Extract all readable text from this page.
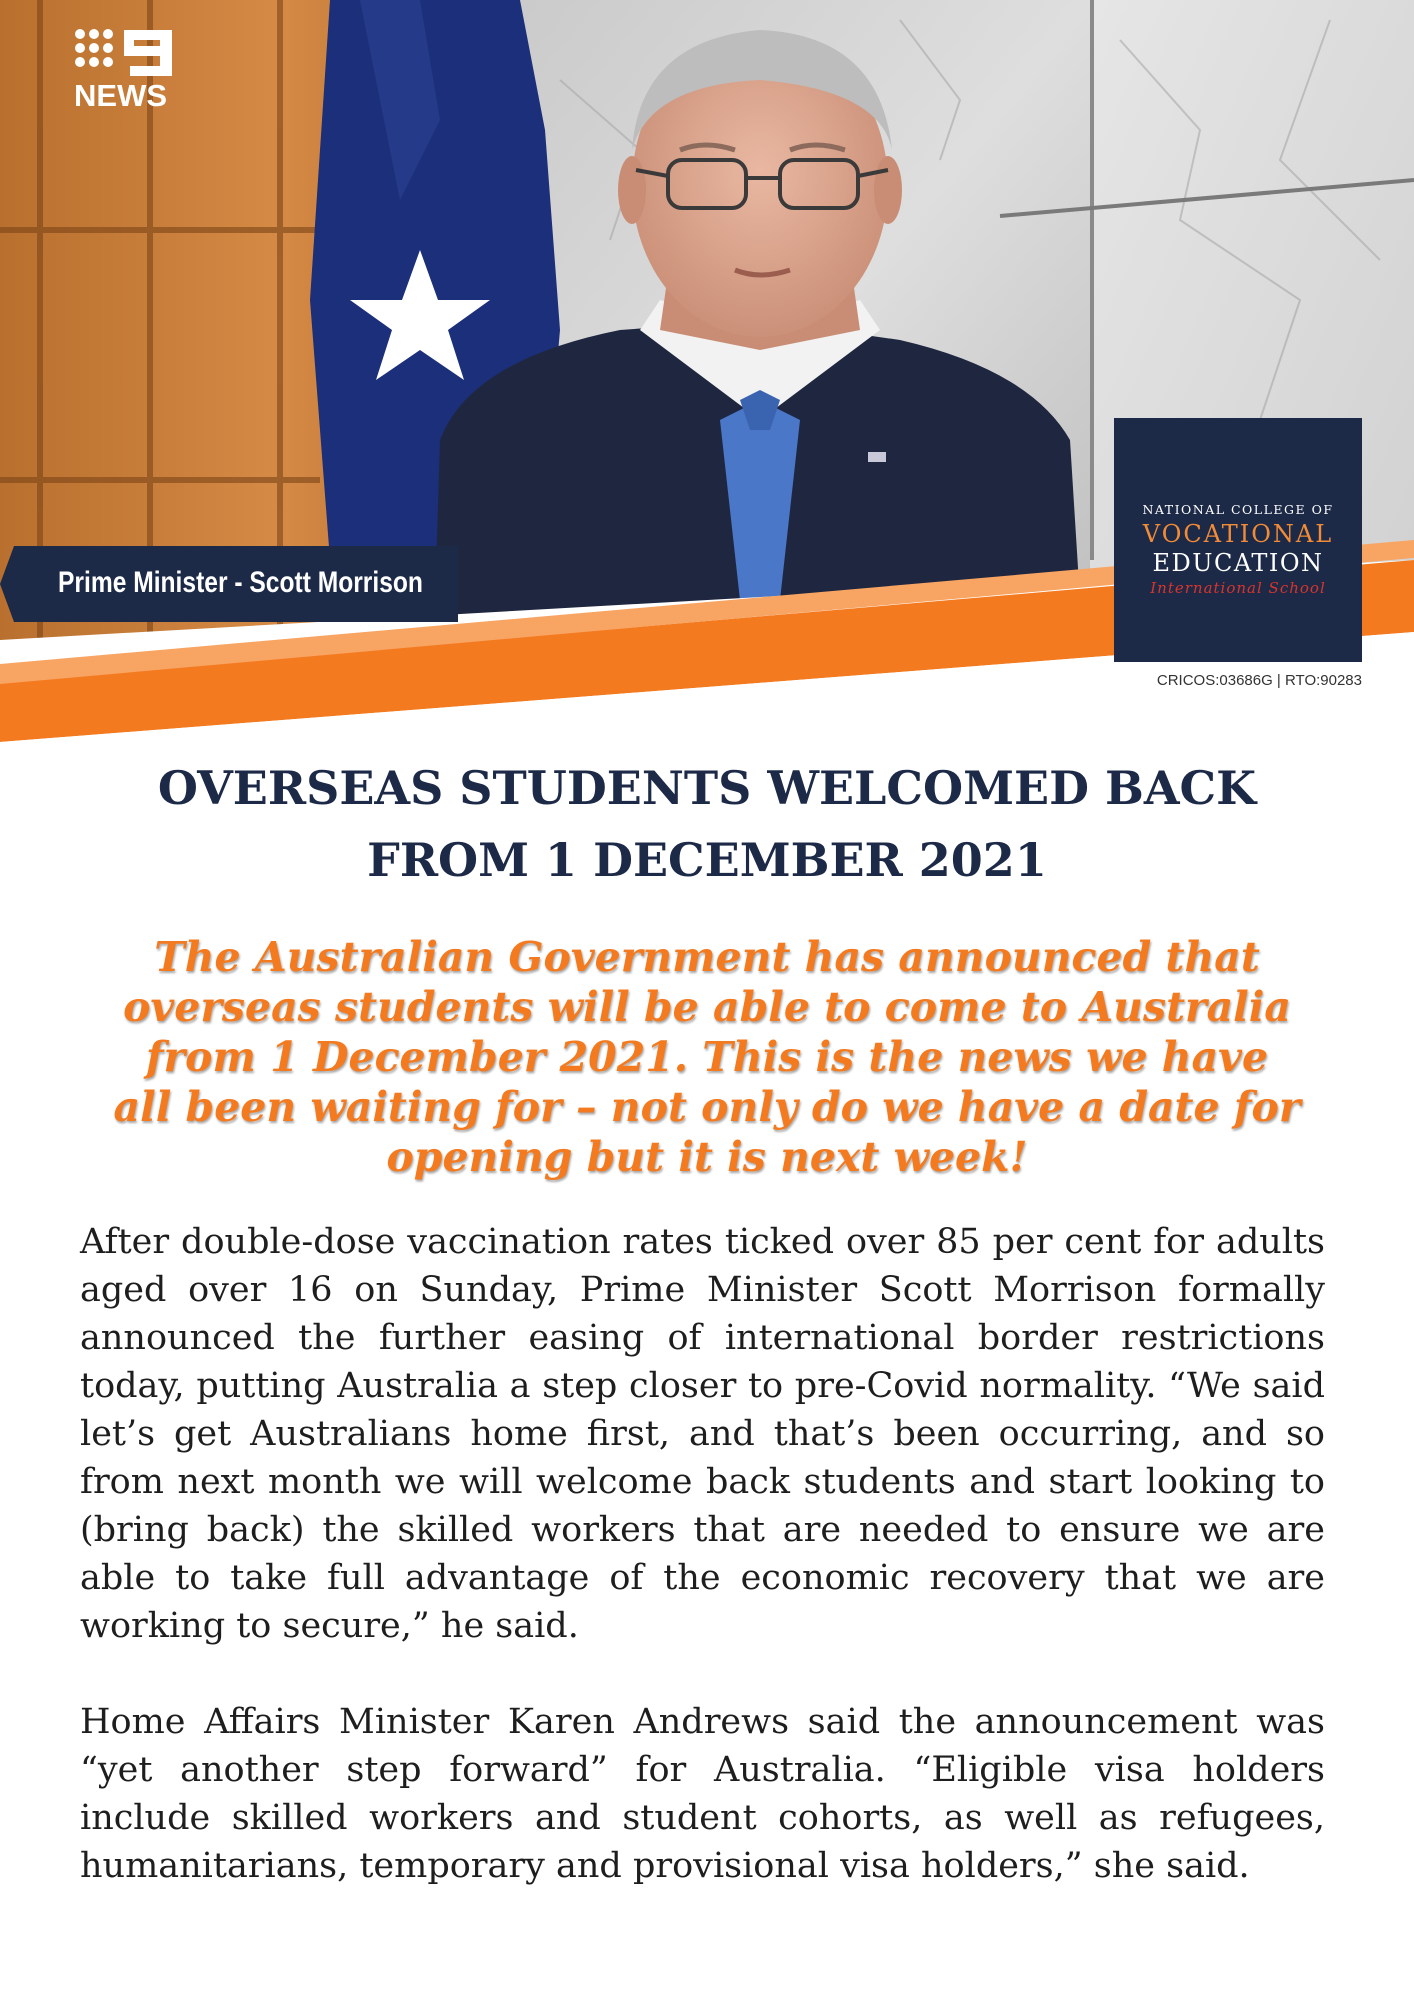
NEWS
Prime Minister - Scott Morrison
NATIONAL COLLEGE OF
VOCATIONAL
EDUCATION
International School
CRICOS:03686G | RTO:90283
OVERSEAS STUDENTS WELCOMED BACK
FROM 1 DECEMBER 2021
The Australian Government has announced that overseas students will be able to come to Australia from 1 December 2021. This is the news we have all been waiting for – not only do we have a date for opening but it is next week!
After double-dose vaccination rates ticked over 85 per cent for adults aged over 16 on Sunday, Prime Minister Scott Morrison formally announced the further easing of international border restrictions today, putting Australia a step closer to pre-Covid normality. “We said let’s get Australians home first, and that’s been occurring, and so from next month we will welcome back students and start looking to (bring back) the skilled workers that are needed to ensure we are able to take full advantage of the economic recovery that we are working to secure,” he said.
Home Affairs Minister Karen Andrews said the announcement was “yet another step forward” for Australia. “Eligible visa holders include skilled workers and student cohorts, as well as refugees, humanitarians, temporary and provisional visa holders,” she said.
